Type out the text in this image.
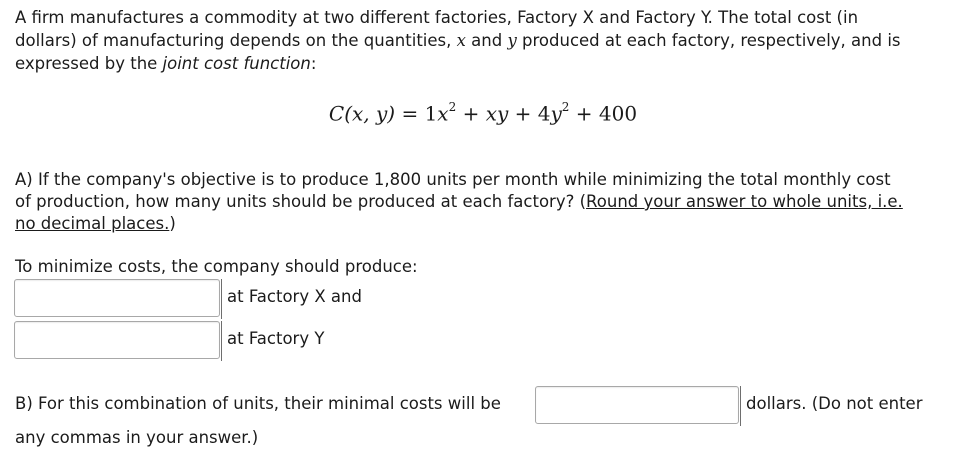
A firm manufactures a commodity at two different factories, Factory X and Factory Y. The total cost (in
dollars) of manufacturing depends on the quantities, x and y produced at each factory, respectively, and is
expressed by the joint cost function:
C(x, $y) = 1x^2$ + xy + $4y^2 + 400$
A) If the company's objective is to produce 1,800 units per month while minimizing the total monthly cost
of production, how many units should be produced at each factory? (Round your answer to whole units, i.e.
no decimal places.)
To minimize costs, the company should produce:
at Factory X and
at Factory Y
B) For this combination of units, their minimal costs will be	dollars. (Do not enter
any commas in your answer.)
